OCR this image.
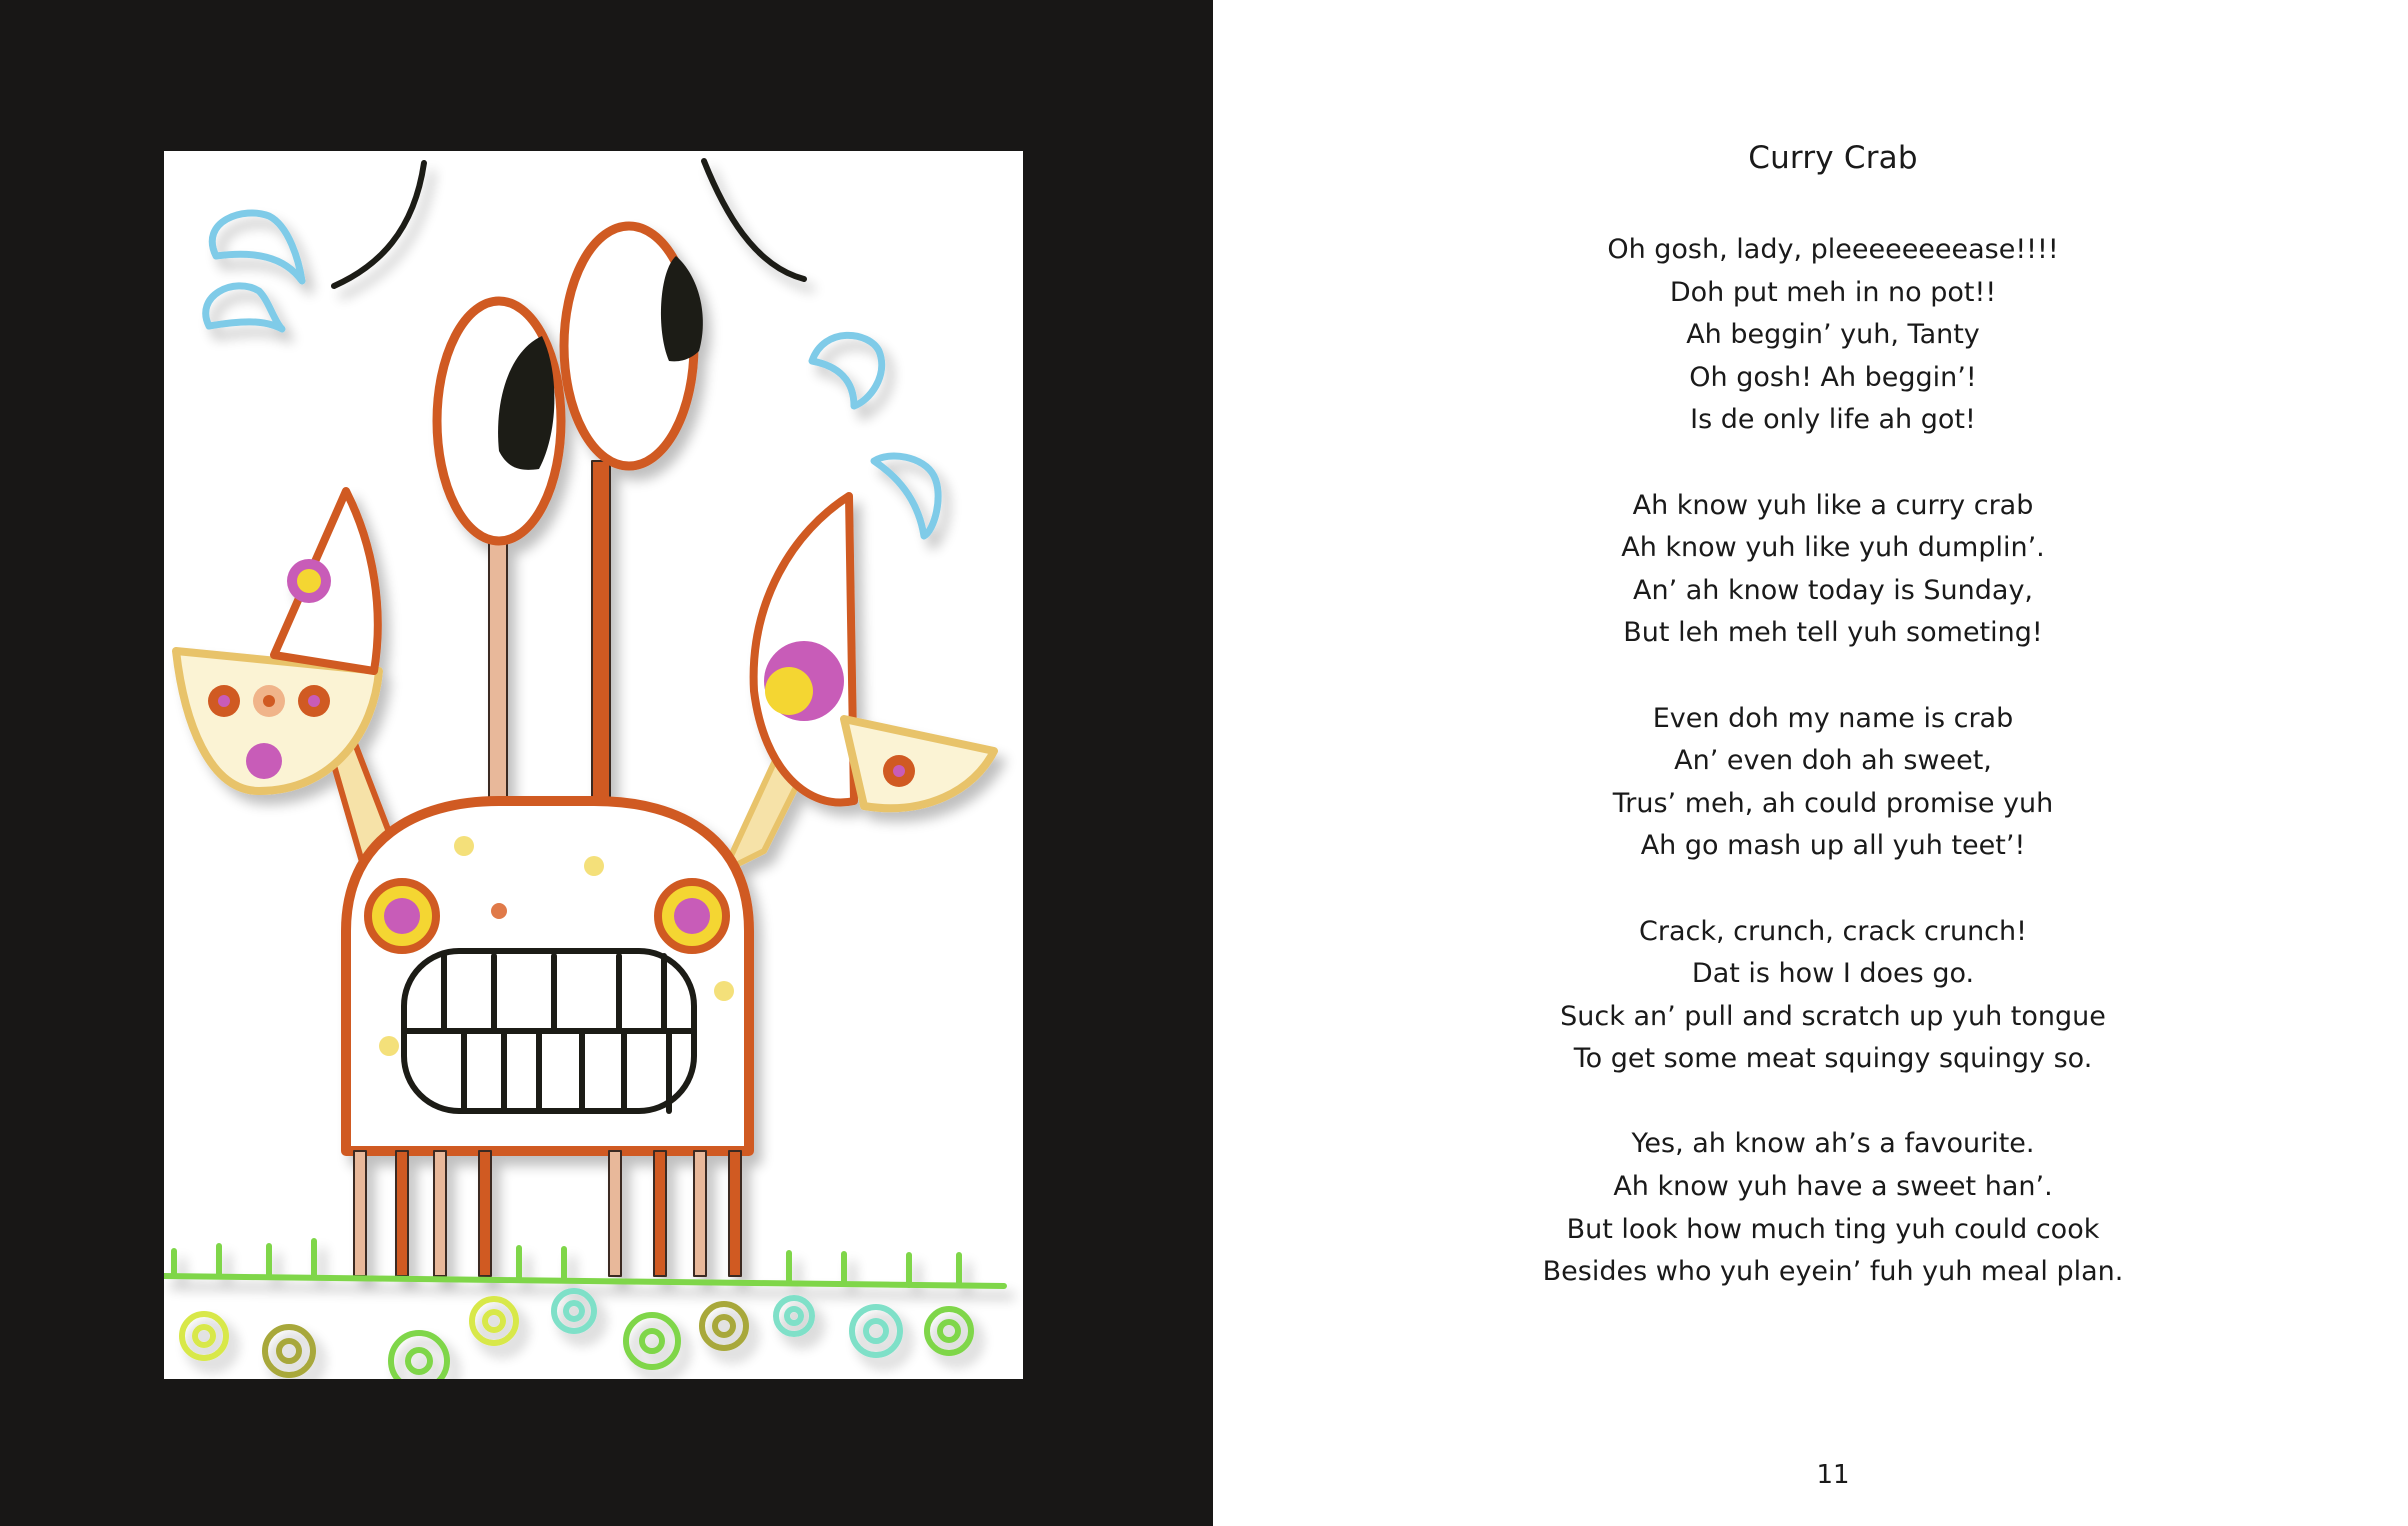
Curry Crab
Oh gosh, lady, pleeeeeeeease!!!!
Doh put meh in no pot!!
Ah beggin’ yuh, Tanty
Oh gosh! Ah beggin’!
Is de only life ah got!
Ah know yuh like a curry crab
Ah know yuh like yuh dumplin’.
An’ ah know today is Sunday,
But leh meh tell yuh someting!
Even doh my name is crab
An’ even doh ah sweet,
Trus’ meh, ah could promise yuh
Ah go mash up all yuh teet’!
Crack, crunch, crack crunch!
Dat is how I does go.
Suck an’ pull and scratch up yuh tongue
To get some meat squingy squingy so.
Yes, ah know ah’s a favourite.
Ah know yuh have a sweet han’.
But look how much ting yuh could cook
Besides who yuh eyein’ fuh yuh meal plan.
11
